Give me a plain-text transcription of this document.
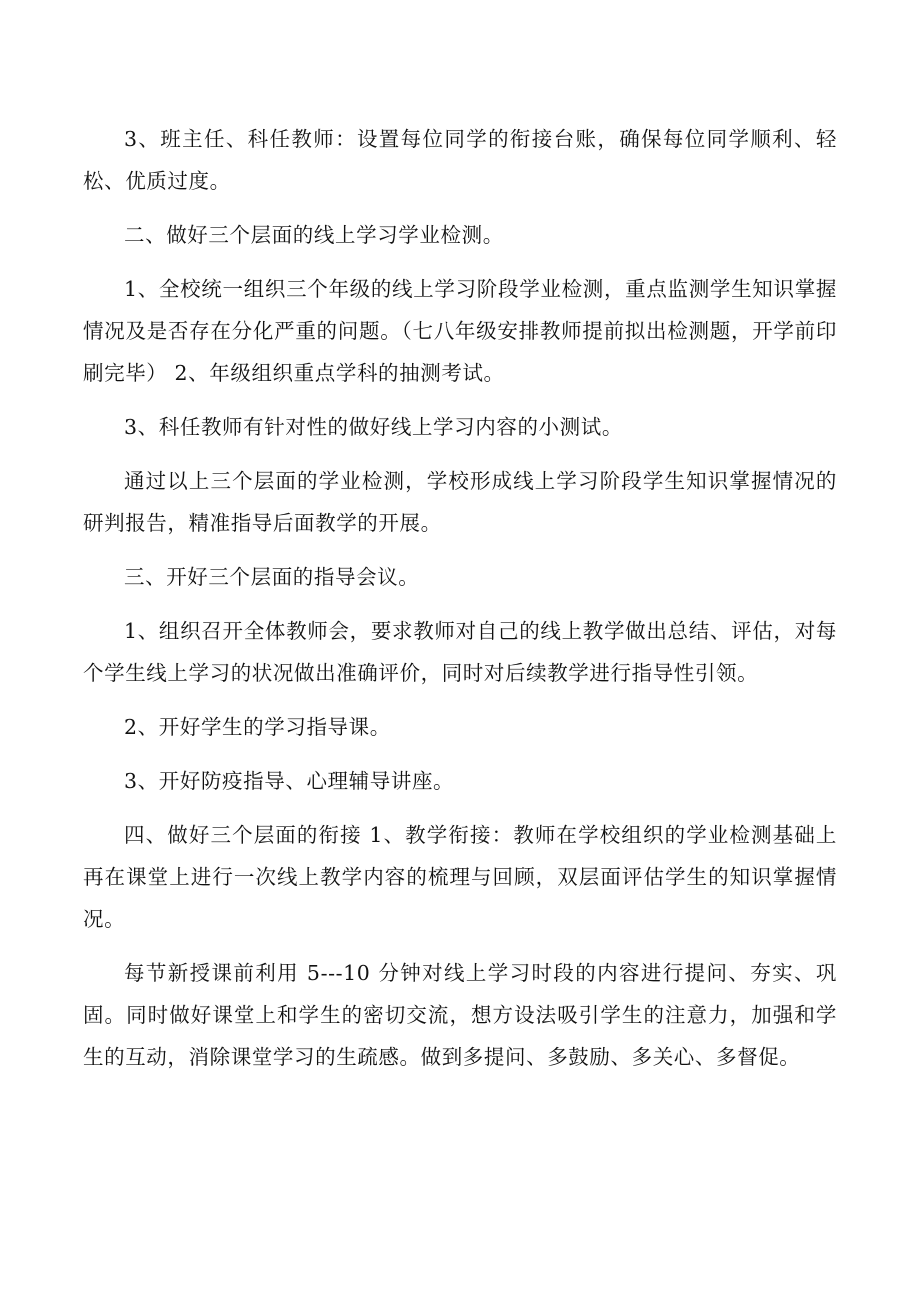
3、班主任、科任教师：设置每位同学的衔接台账，确保每位同学顺利、轻松、优质过度。

二、做好三个层面的线上学习学业检测。

1、全校统一组织三个年级的线上学习阶段学业检测，重点监测学生知识掌握情况及是否存在分化严重的问题。（七八年级安排教师提前拟出检测题，开学前印刷完毕） 2、年级组织重点学科的抽测考试。

3、科任教师有针对性的做好线上学习内容的小测试。

通过以上三个层面的学业检测，学校形成线上学习阶段学生知识掌握情况的研判报告，精准指导后面教学的开展。

三、开好三个层面的指导会议。

1、组织召开全体教师会，要求教师对自己的线上教学做出总结、评估，对每个学生线上学习的状况做出准确评价，同时对后续教学进行指导性引领。

2、开好学生的学习指导课。

3、开好防疫指导、心理辅导讲座。

四、做好三个层面的衔接 1、教学衔接：教师在学校组织的学业检测基础上再在课堂上进行一次线上教学内容的梳理与回顾，双层面评估学生的知识掌握情况。

每节新授课前利用 5---10 分钟对线上学习时段的内容进行提问、夯实、巩固。同时做好课堂上和学生的密切交流，想方设法吸引学生的注意力，加强和学生的互动，消除课堂学习的生疏感。做到多提问、多鼓励、多关心、多督促。
